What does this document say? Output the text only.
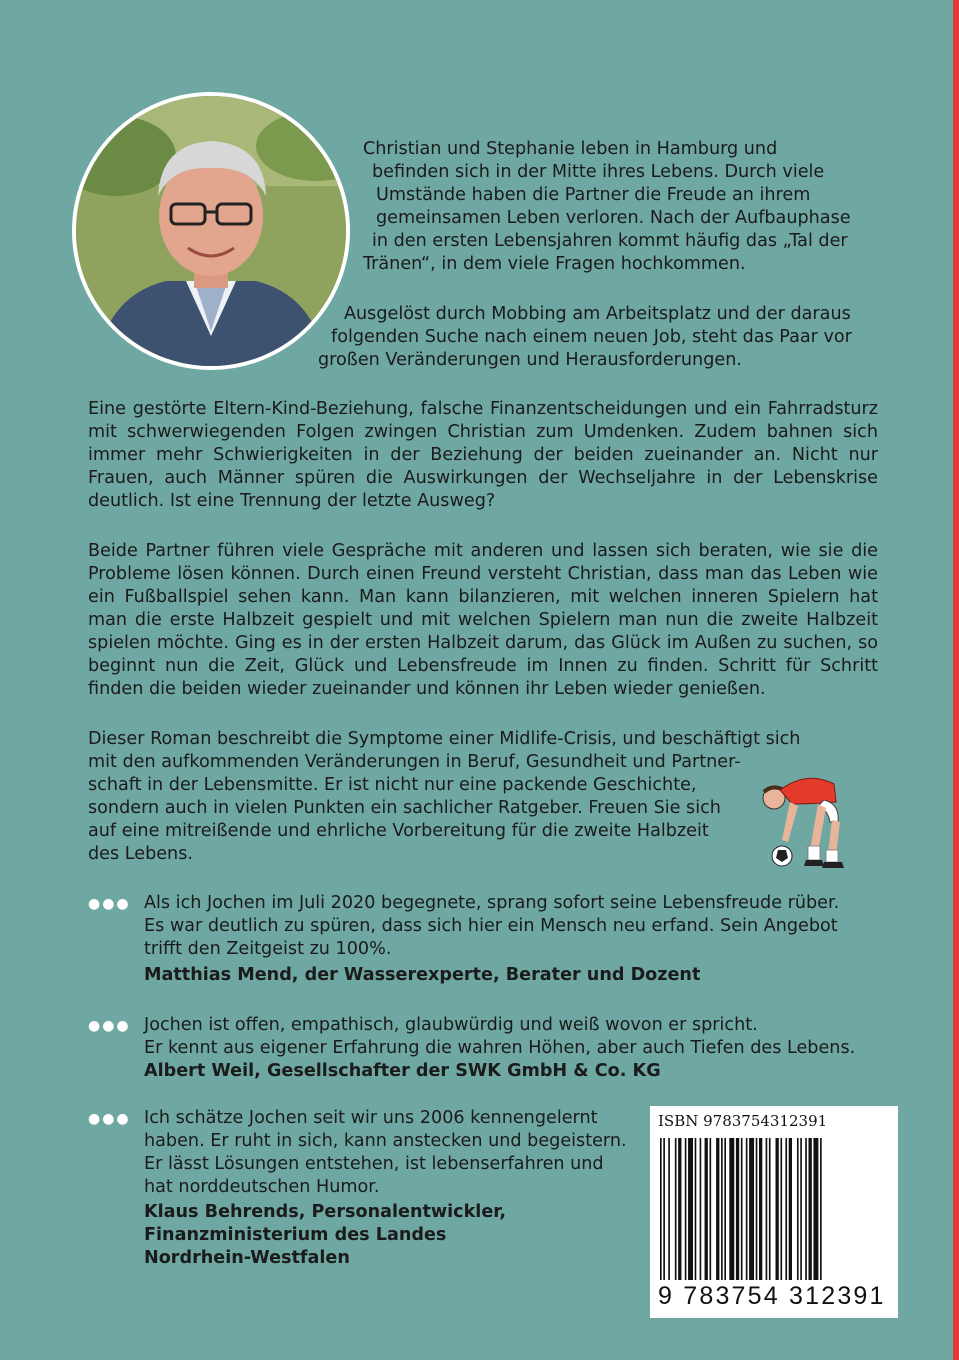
Christian und Stephanie leben in Hamburg und
befinden sich in der Mitte ihres Lebens. Durch viele
Umstände haben die Partner die Freude an ihrem
gemeinsamen Leben verloren. Nach der Aufbauphase
in den ersten Lebensjahren kommt häufig das „Tal der
Tränen“, in dem viele Fragen hochkommen.
Ausgelöst durch Mobbing am Arbeitsplatz und der daraus
folgenden Suche nach einem neuen Job, steht das Paar vor
großen Veränderungen und Herausforderungen.

Eine gestörte Eltern-Kind-Beziehung, falsche Finanzentscheidungen und ein Fahrradsturz mit schwerwiegenden Folgen zwingen Christian zum Umdenken. Zudem bahnen sich immer mehr Schwierigkeiten in der Beziehung der beiden zueinander an. Nicht nur Frauen, auch Männer spüren die Auswirkungen der Wechseljahre in der Lebenskrise deutlich. Ist eine Trennung der letzte Ausweg?

Beide Partner führen viele Gespräche mit anderen und lassen sich beraten, wie sie die Probleme lösen können. Durch einen Freund versteht Christian, dass man das Leben wie ein Fußballspiel sehen kann. Man kann bilanzieren, mit welchen inneren Spielern hat man die erste Halbzeit gespielt und mit welchen Spielern man nun die zweite Halbzeit spielen möchte. Ging es in der ersten Halbzeit darum, das Glück im Außen zu suchen, so beginnt nun die Zeit, Glück und Lebensfreude im Innen zu finden. Schritt für Schritt finden die beiden wieder zueinander und können ihr Leben wieder genießen.

Dieser Roman beschreibt die Symptome einer Midlife-Crisis, und beschäftigt sich
mit den aufkommenden Veränderungen in Beruf, Gesundheit und Partner-
schaft in der Lebensmitte. Er ist nicht nur eine packende Geschichte,
sondern auch in vielen Punkten ein sachlicher Ratgeber. Freuen Sie sich
auf eine mitreißende und ehrliche Vorbereitung für die zweite Halbzeit
des Lebens.
●●● Als ich Jochen im Juli 2020 begegnete, sprang sofort seine Lebensfreude rüber.
Es war deutlich zu spüren, dass sich hier ein Mensch neu erfand. Sein Angebot
trifft den Zeitgeist zu 100%.
Matthias Mend, der Wasserexperte, Berater und Dozent
●●● Jochen ist offen, empathisch, glaubwürdig und weiß wovon er spricht.
Er kennt aus eigener Erfahrung die wahren Höhen, aber auch Tiefen des Lebens.
Albert Weil, Gesellschafter der SWK GmbH & Co. KG
●●● Ich schätze Jochen seit wir uns 2006 kennengelernt
haben. Er ruht in sich, kann anstecken und begeistern.
Er lässt Lösungen entstehen, ist lebenserfahren und
hat norddeutschen Humor.
Klaus Behrends, Personalentwickler,
Finanzministerium des Landes
Nordrhein-Westfalen
ISBN 9783754312391
9 783754 312391
